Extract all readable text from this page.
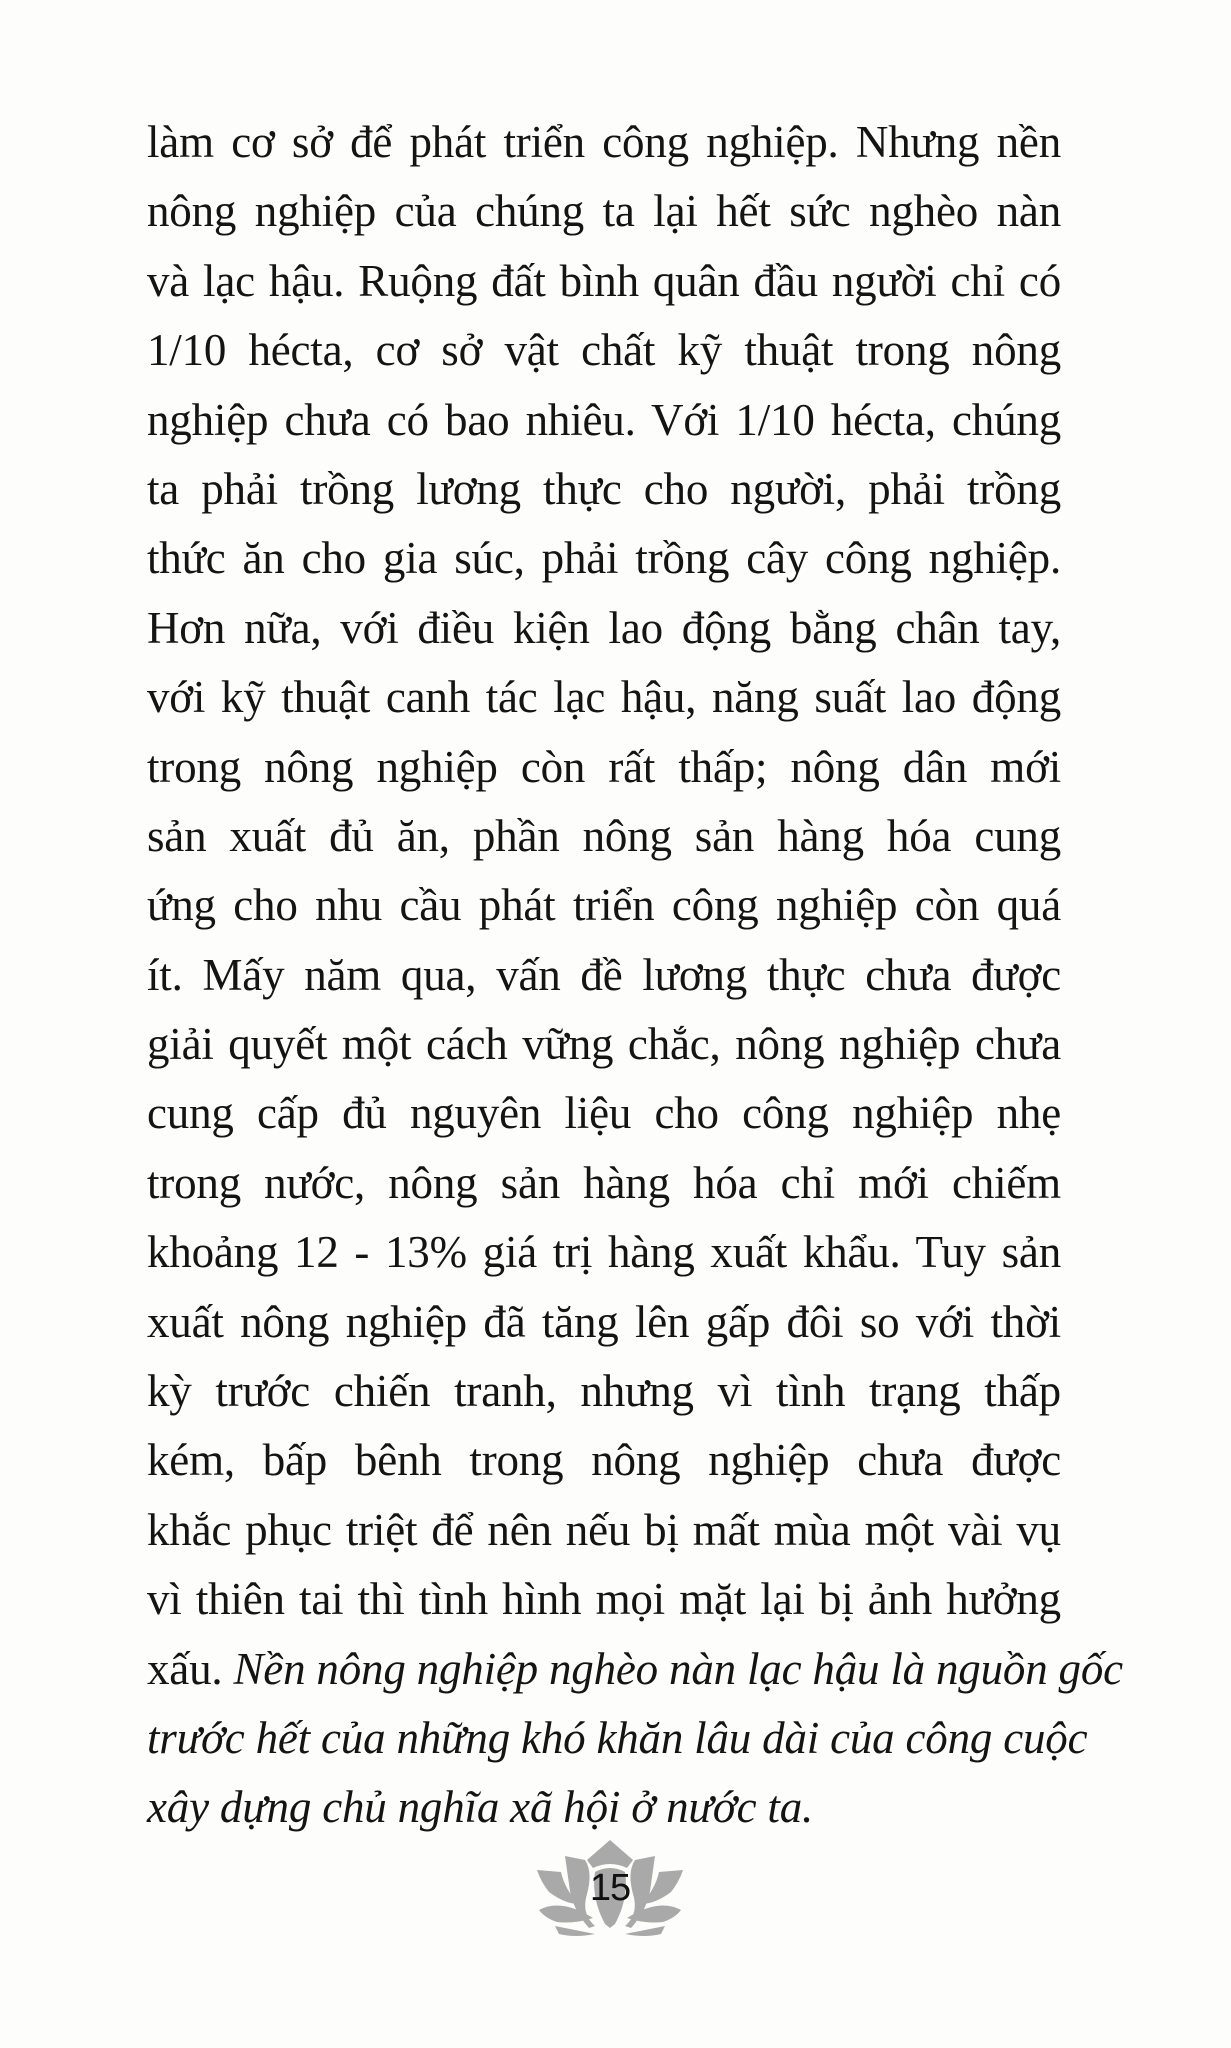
làm cơ sở để phát triển công nghiệp. Nhưng nền
nông nghiệp của chúng ta lại hết sức nghèo nàn
và lạc hậu. Ruộng đất bình quân đầu người chỉ có
1/10 hécta, cơ sở vật chất kỹ thuật trong nông
nghiệp chưa có bao nhiêu. Với 1/10 hécta, chúng
ta phải trồng lương thực cho người, phải trồng
thức ăn cho gia súc, phải trồng cây công nghiệp.
Hơn nữa, với điều kiện lao động bằng chân tay,
với kỹ thuật canh tác lạc hậu, năng suất lao động
trong nông nghiệp còn rất thấp; nông dân mới
sản xuất đủ ăn, phần nông sản hàng hóa cung
ứng cho nhu cầu phát triển công nghiệp còn quá
ít. Mấy năm qua, vấn đề lương thực chưa được
giải quyết một cách vững chắc, nông nghiệp chưa
cung cấp đủ nguyên liệu cho công nghiệp nhẹ
trong nước, nông sản hàng hóa chỉ mới chiếm
khoảng 12 - 13% giá trị hàng xuất khẩu. Tuy sản
xuất nông nghiệp đã tăng lên gấp đôi so với thời
kỳ trước chiến tranh, nhưng vì tình trạng thấp
kém, bấp bênh trong nông nghiệp chưa được
khắc phục triệt để nên nếu bị mất mùa một vài vụ
vì thiên tai thì tình hình mọi mặt lại bị ảnh hưởng
xấu. Nền nông nghiệp nghèo nàn lạc hậu là nguồn gốc
trước hết của những khó khăn lâu dài của công cuộc
xây dựng chủ nghĩa xã hội ở nước ta.
15
